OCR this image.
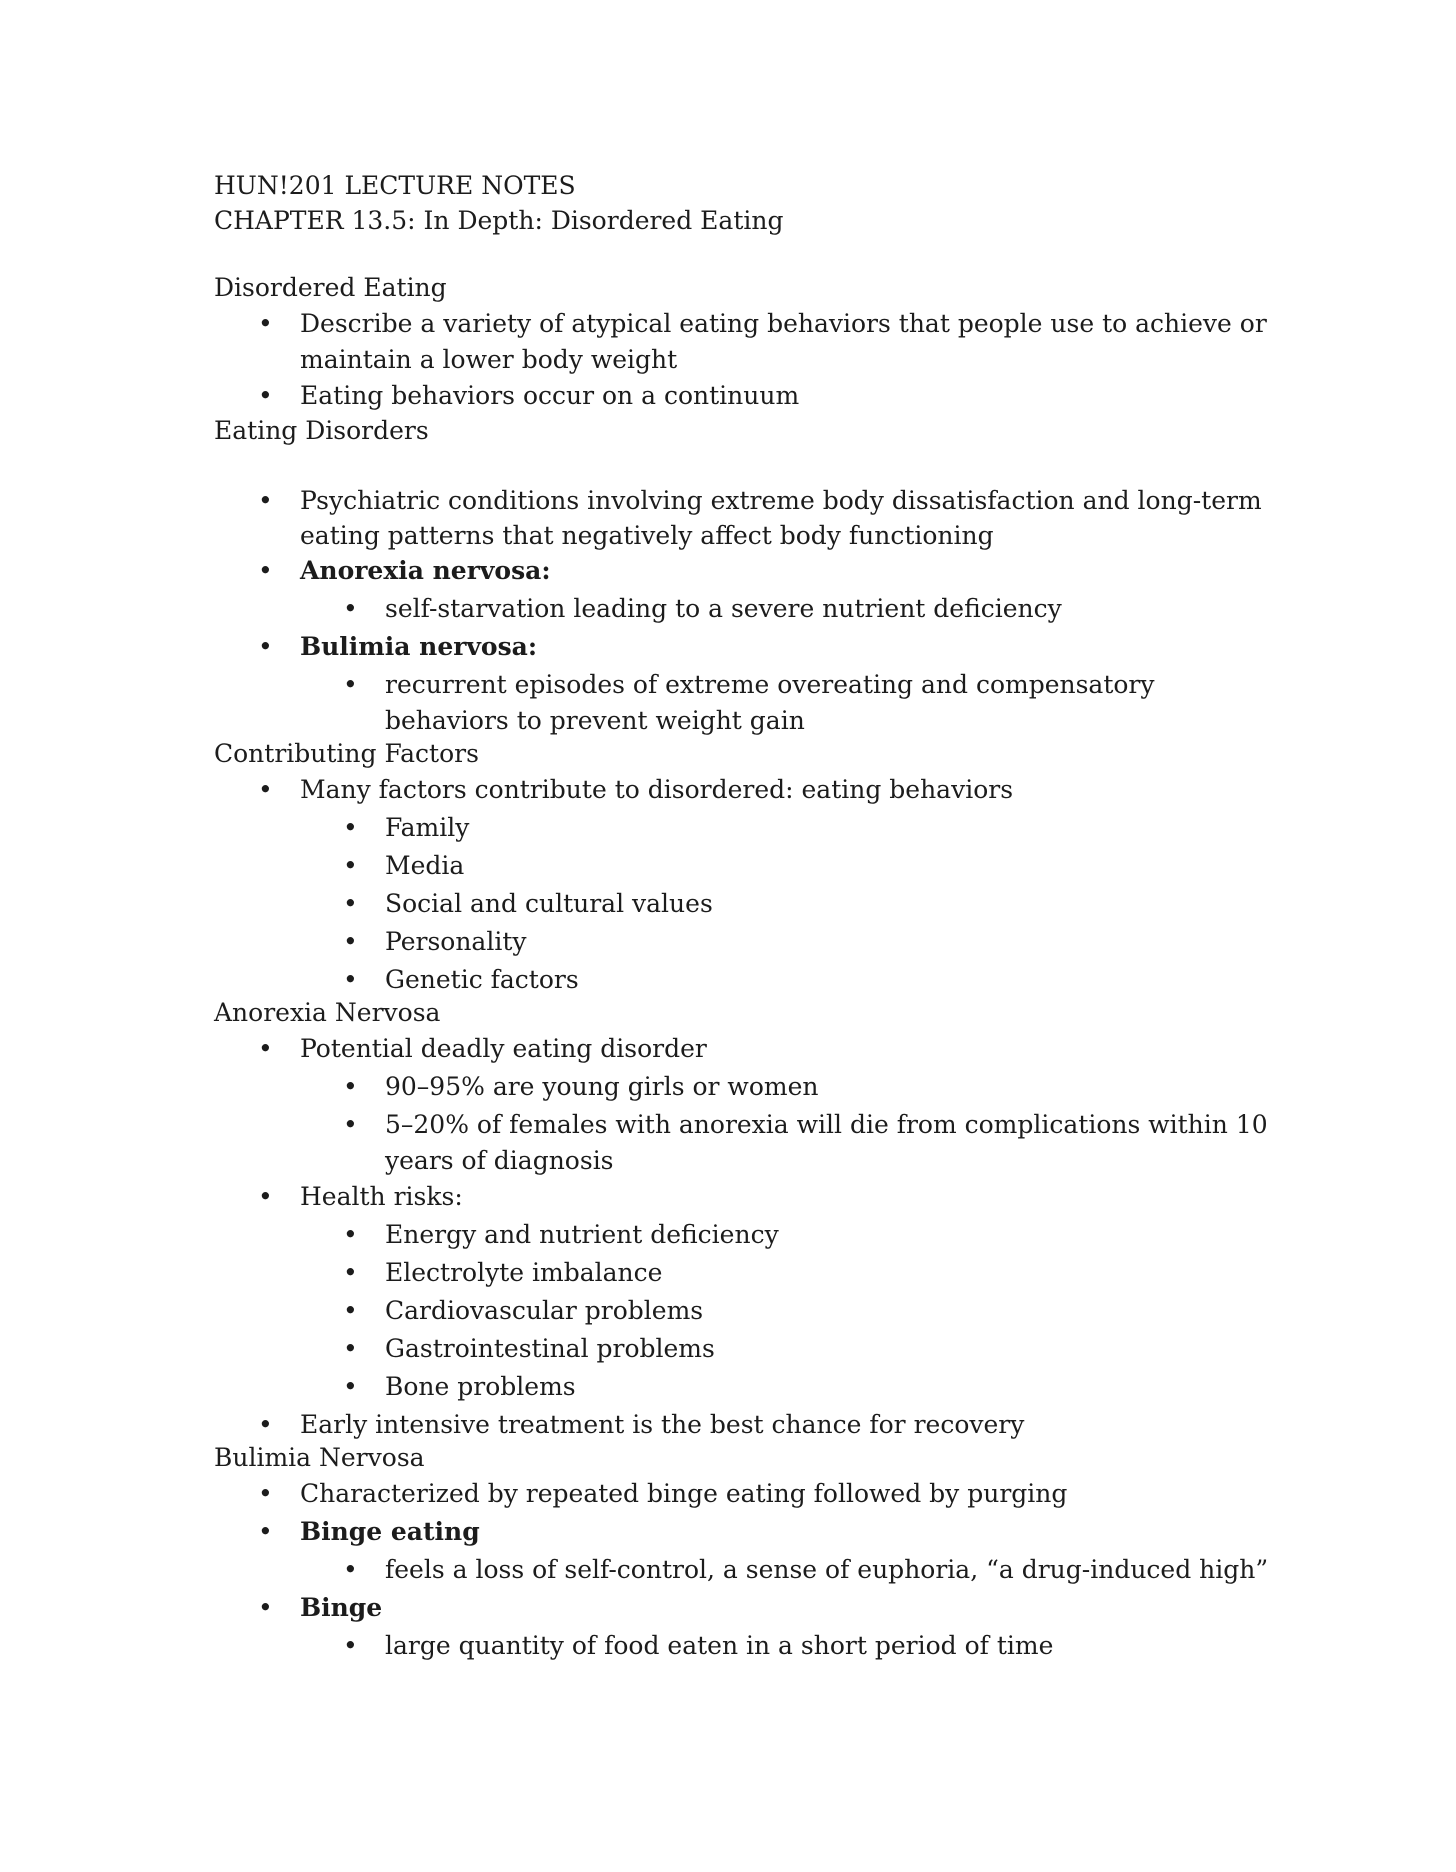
HUN!201 LECTURE NOTES
CHAPTER 13.5: In Depth: Disordered Eating
Disordered Eating
• Describe a variety of atypical eating behaviors that people use to achieve or
maintain a lower body weight
• Eating behaviors occur on a continuum
Eating Disorders
• Psychiatric conditions involving extreme body dissatisfaction and long-term
eating patterns that negatively affect body functioning
• Anorexia nervosa:
• self-starvation leading to a severe nutrient deficiency
• Bulimia nervosa:
• recurrent episodes of extreme overeating and compensatory
behaviors to prevent weight gain
Contributing Factors
• Many factors contribute to disordered: eating behaviors
• Family
• Media
• Social and cultural values
• Personality
• Genetic factors
Anorexia Nervosa
• Potential deadly eating disorder
• 90–95% are young girls or women
• 5–20% of females with anorexia will die from complications within 10
years of diagnosis
• Health risks:
• Energy and nutrient deficiency
• Electrolyte imbalance
• Cardiovascular problems
• Gastrointestinal problems
• Bone problems
• Early intensive treatment is the best chance for recovery
Bulimia Nervosa
• Characterized by repeated binge eating followed by purging
• Binge eating
• feels a loss of self-control, a sense of euphoria, “a drug-induced high”
• Binge
• large quantity of food eaten in a short period of time
